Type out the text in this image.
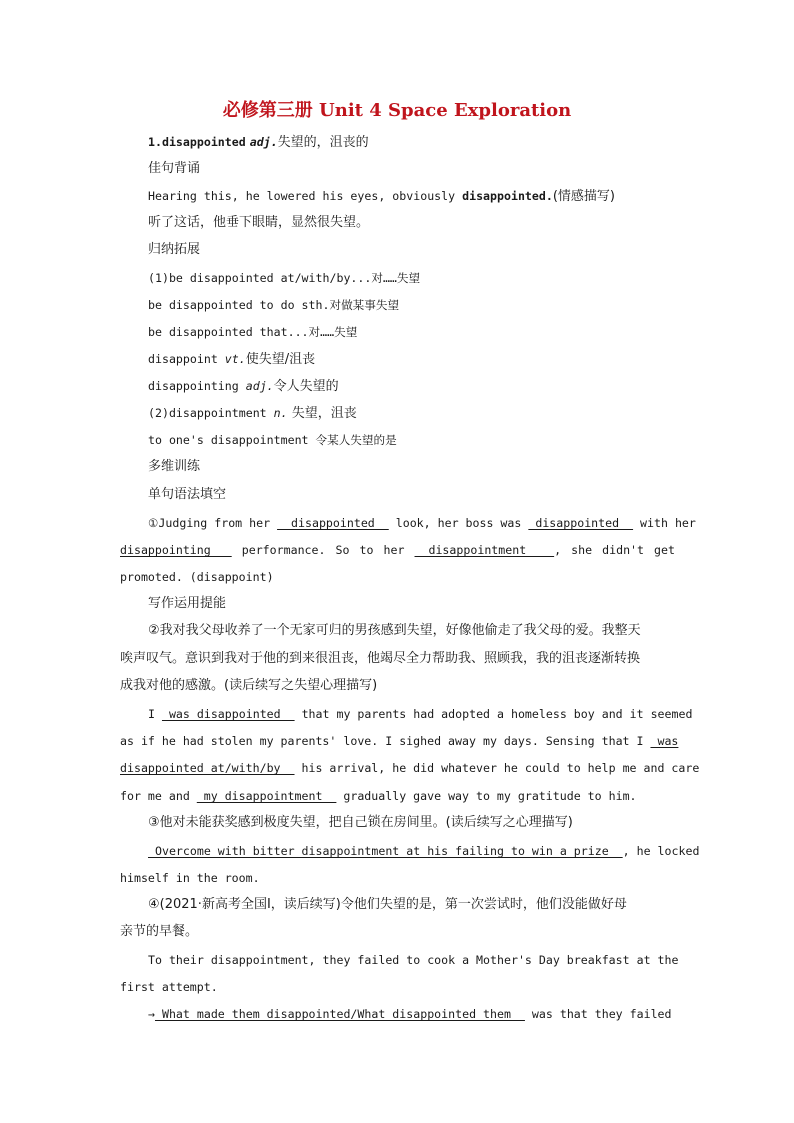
必修第三册 Unit 4 Space Exploration
1.disappointed adj.失望的，沮丧的
佳句背诵
Hearing this, he lowered his eyes, obviously disappointed.(情感描写)
听了这话，他垂下眼睛，显然很失望。
归纳拓展
(1)be disappointed at/with/by...对……失望
be disappointed to do sth.对做某事失望
be disappointed that...对……失望
disappoint vt.使失望/沮丧
disappointing adj.令人失望的
(2)disappointment n. 失望，沮丧
to one's disappointment 令某人失望的是
多维训练
单句语法填空
①Judging from her   disappointed   look, her boss was  disappointed   with her
disappointing    performance. So to her   disappointment    , she didn't get
promoted. (disappoint)
写作运用提能
②我对我父母收养了一个无家可归的男孩感到失望，好像他偷走了我父母的爱。我整天
唉声叹气。意识到我对于他的到来很沮丧，他竭尽全力帮助我、照顾我，我的沮丧逐渐转换
成我对他的感激。(读后续写之失望心理描写)
I  was disappointed   that my parents had adopted a homeless boy and it seemed
as if he had stolen my parents' love. I sighed away my days. Sensing that I  was
disappointed at/with/by   his arrival, he did whatever he could to help me and care
for me and  my disappointment   gradually gave way to my gratitude to him.
③他对未能获奖感到极度失望，把自己锁在房间里。(读后续写之心理描写)
Overcome with bitter disappointment at his failing to win a prize  , he locked
himself in the room.
④(2021·新高考全国Ⅰ，读后续写)令他们失望的是，第一次尝试时，他们没能做好母
亲节的早餐。
To their disappointment, they failed to cook a Mother's Day breakfast at the
first attempt.
→ What made them disappointed/What disappointed them   was that they failed
